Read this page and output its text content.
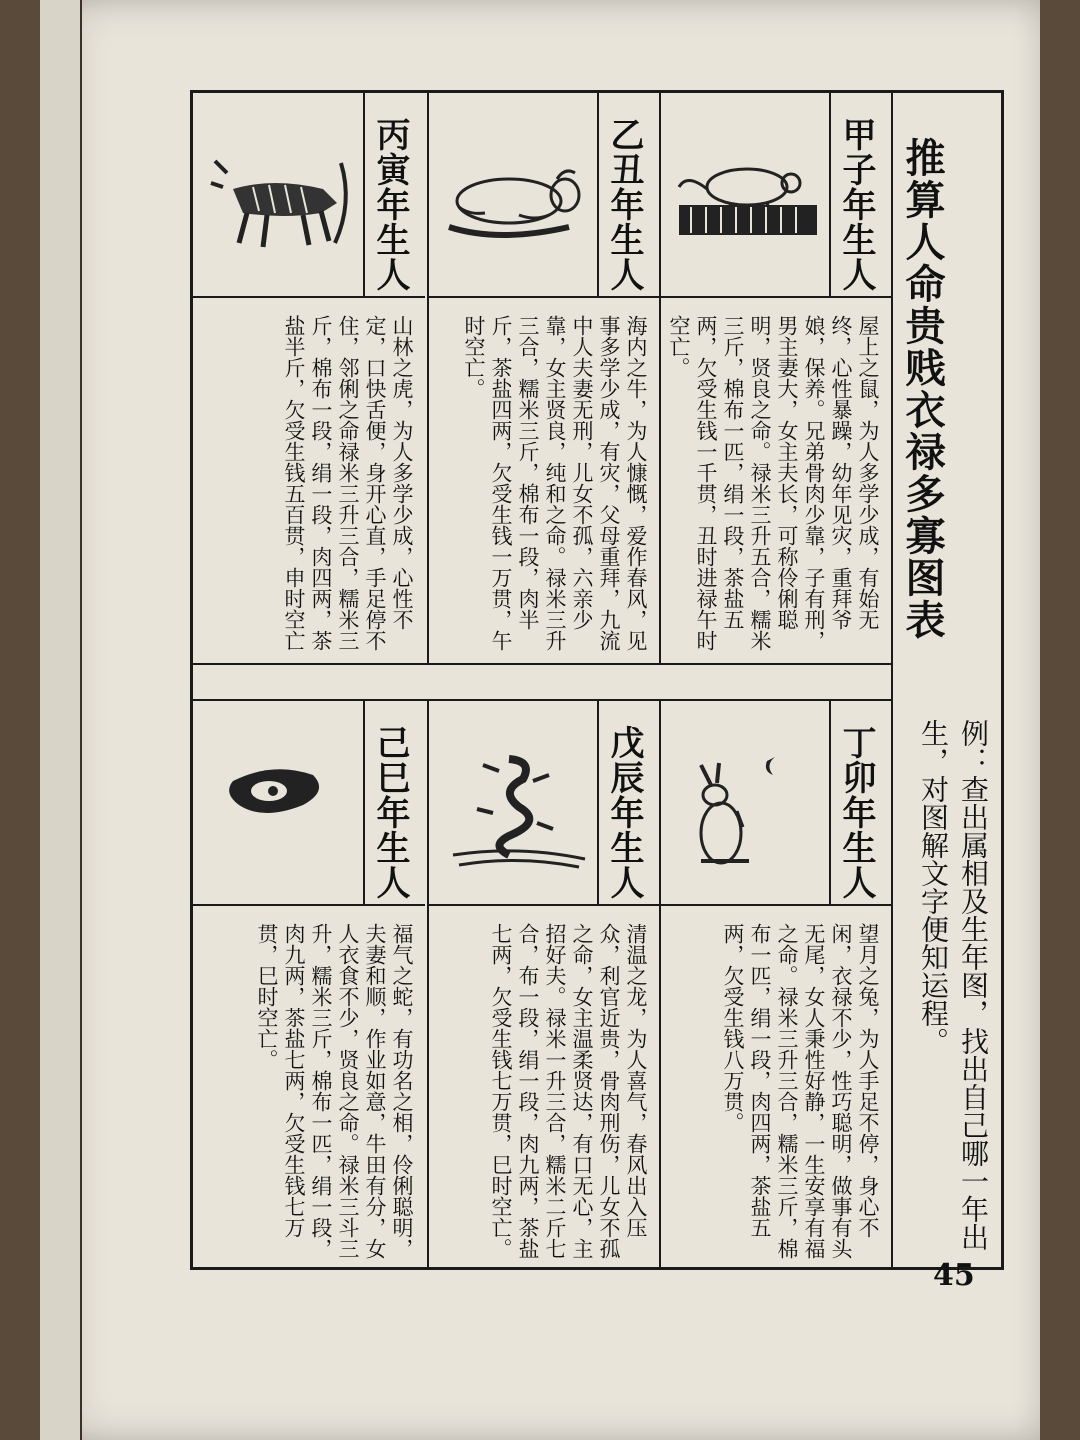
推算人命贵贱衣禄多寡图表
例：查出属相及生年图，找出自己哪一年出生，对图解文字便知运程。
甲子年生人
屋上之鼠，为人多学少成，有始无终，心性暴躁，幼年见灾，重拜爷娘，保养。兄弟骨肉少靠，子有刑，男主妻大，女主夫长，可称伶俐聪明，贤良之命。禄米三升五合，糯米三斤，棉布一匹，绢一段，茶盐五两，欠受生钱一千贯，丑时进禄午时空亡。
乙丑年生人
海内之牛，为人慷慨，爱作春风，见事多学少成，有灾，父母重拜，九流中人夫妻无刑，儿女不孤，六亲少靠，女主贤良，纯和之命。禄米三升三合，糯米三斤，棉布一段，肉半斤，茶盐四两，欠受生钱一万贯，午时空亡。
丙寅年生人
山林之虎，为人多学少成，心性不定，口快舌便，身开心直，手足停不住，邻俐之命禄米三升三合，糯米三斤，棉布一段，绢一段，肉四两，茶盐半斤，欠受生钱五百贯，申时空亡
丁卯年生人
望月之兔，为人手足不停，身心不闲，衣禄不少，性巧聪明，做事有头无尾，女人秉性好静，一生安享有福之命。禄米三升三合，糯米三斤，棉布一匹，绢一段，肉四两，茶盐五两，欠受生钱八万贯。
戊辰年生人
清温之龙，为人喜气，春风出入压众，利官近贵，骨肉刑伤，儿女不孤之命，女主温柔贤达，有口无心，主招好夫。禄米一升三合，糯米二斤七合，布一段，绢一段，肉九两，茶盐七两，欠受生钱七万贯，巳时空亡。
己巳年生人
福气之蛇，有功名之相，伶俐聪明，夫妻和顺，作业如意，牛田有分，女人衣食不少，贤良之命。禄米三斗三升，糯米三斤，棉布一匹，绢一段，肉九两，茶盐七两，欠受生钱七万贯，巳时空亡。
45
